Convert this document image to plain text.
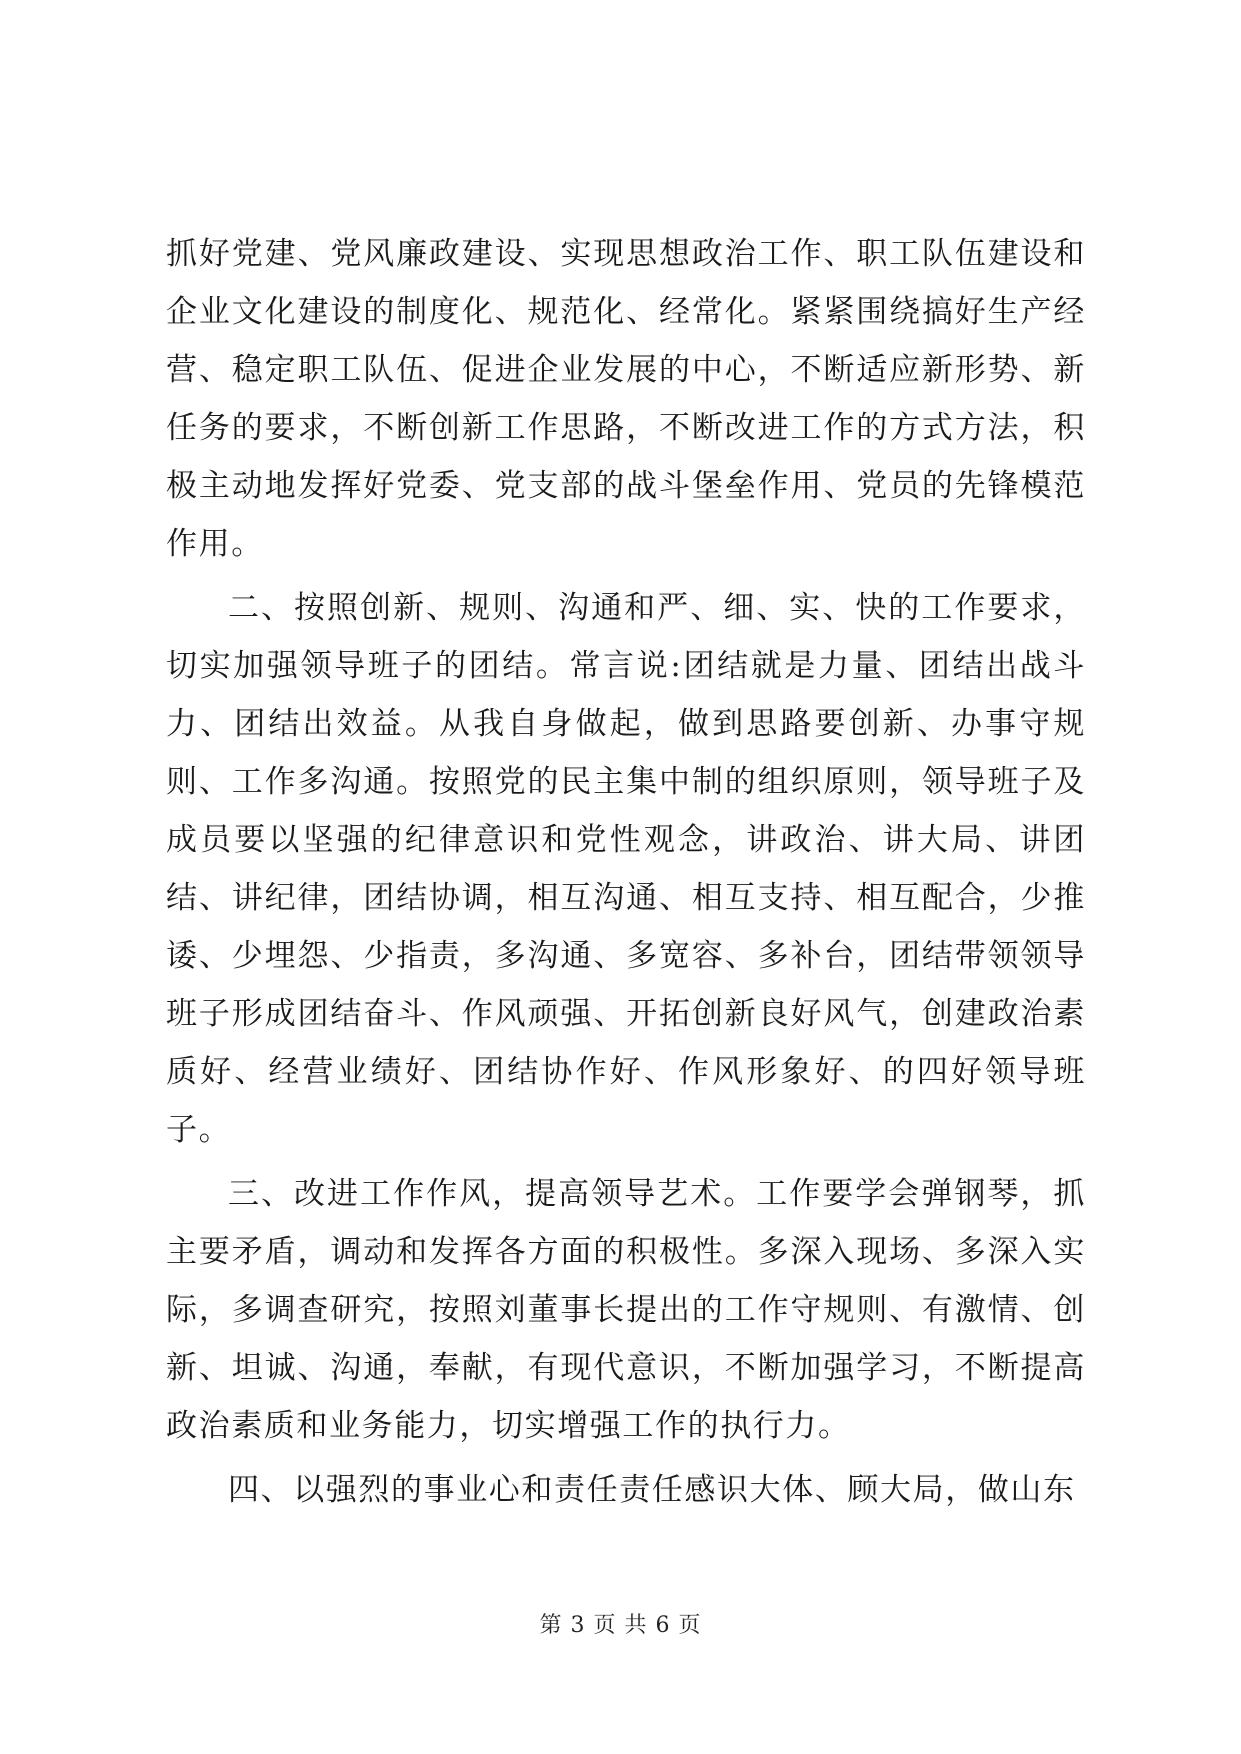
抓好党建、党风廉政建设、实现思想政治工作、职工队伍建设和企业文化建设的制度化、规范化、经常化。紧紧围绕搞好生产经营、稳定职工队伍、促进企业发展的中心，不断适应新形势、新任务的要求，不断创新工作思路，不断改进工作的方式方法，积极主动地发挥好党委、党支部的战斗堡垒作用、党员的先锋模范作用。

二、按照创新、规则、沟通和严、细、实、快的工作要求，切实加强领导班子的团结。常言说:团结就是力量、团结出战斗力、团结出效益。从我自身做起，做到思路要创新、办事守规则、工作多沟通。按照党的民主集中制的组织原则，领导班子及成员要以坚强的纪律意识和党性观念，讲政治、讲大局、讲团结、讲纪律，团结协调，相互沟通、相互支持、相互配合，少推诿、少埋怨、少指责，多沟通、多宽容、多补台，团结带领领导班子形成团结奋斗、作风顽强、开拓创新良好风气，创建政治素质好、经营业绩好、团结协作好、作风形象好、的四好领导班子。

三、改进工作作风，提高领导艺术。工作要学会弹钢琴，抓主要矛盾，调动和发挥各方面的积极性。多深入现场、多深入实际，多调查研究，按照刘董事长提出的工作守规则、有激情、创新、坦诚、沟通，奉献，有现代意识，不断加强学习，不断提高政治素质和业务能力，切实增强工作的执行力。

四、以强烈的事业心和责任责任感识大体、顾大局，做山东

第 3 页 共 6 页
